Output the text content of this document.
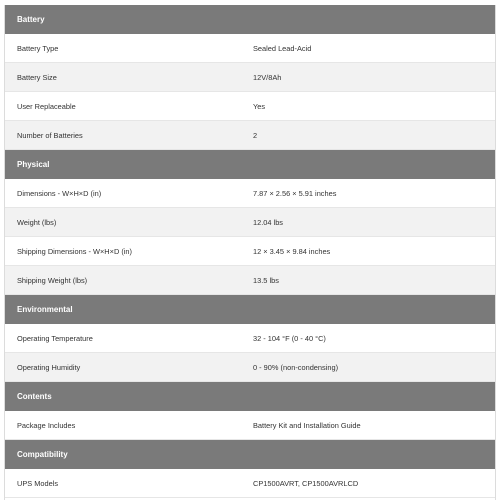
Battery
Battery Type	Sealed Lead-Acid
Battery Size	12V/8Ah
User Replaceable	Yes
Number of Batteries	2
Physical
Dimensions - W×H×D (in)	7.87 × 2.56 × 5.91 inches
Weight (lbs)	12.04 lbs
Shipping Dimensions - W×H×D (in)	12 × 3.45 × 9.84 inches
Shipping Weight (lbs)	13.5 lbs
Environmental
Operating Temperature	32 - 104 °F (0 - 40 °C)
Operating Humidity	0 - 90% (non-condensing)
Contents
Package Includes	Battery Kit and Installation Guide
Compatibility
UPS Models	CP1500AVRT, CP1500AVRLCD
